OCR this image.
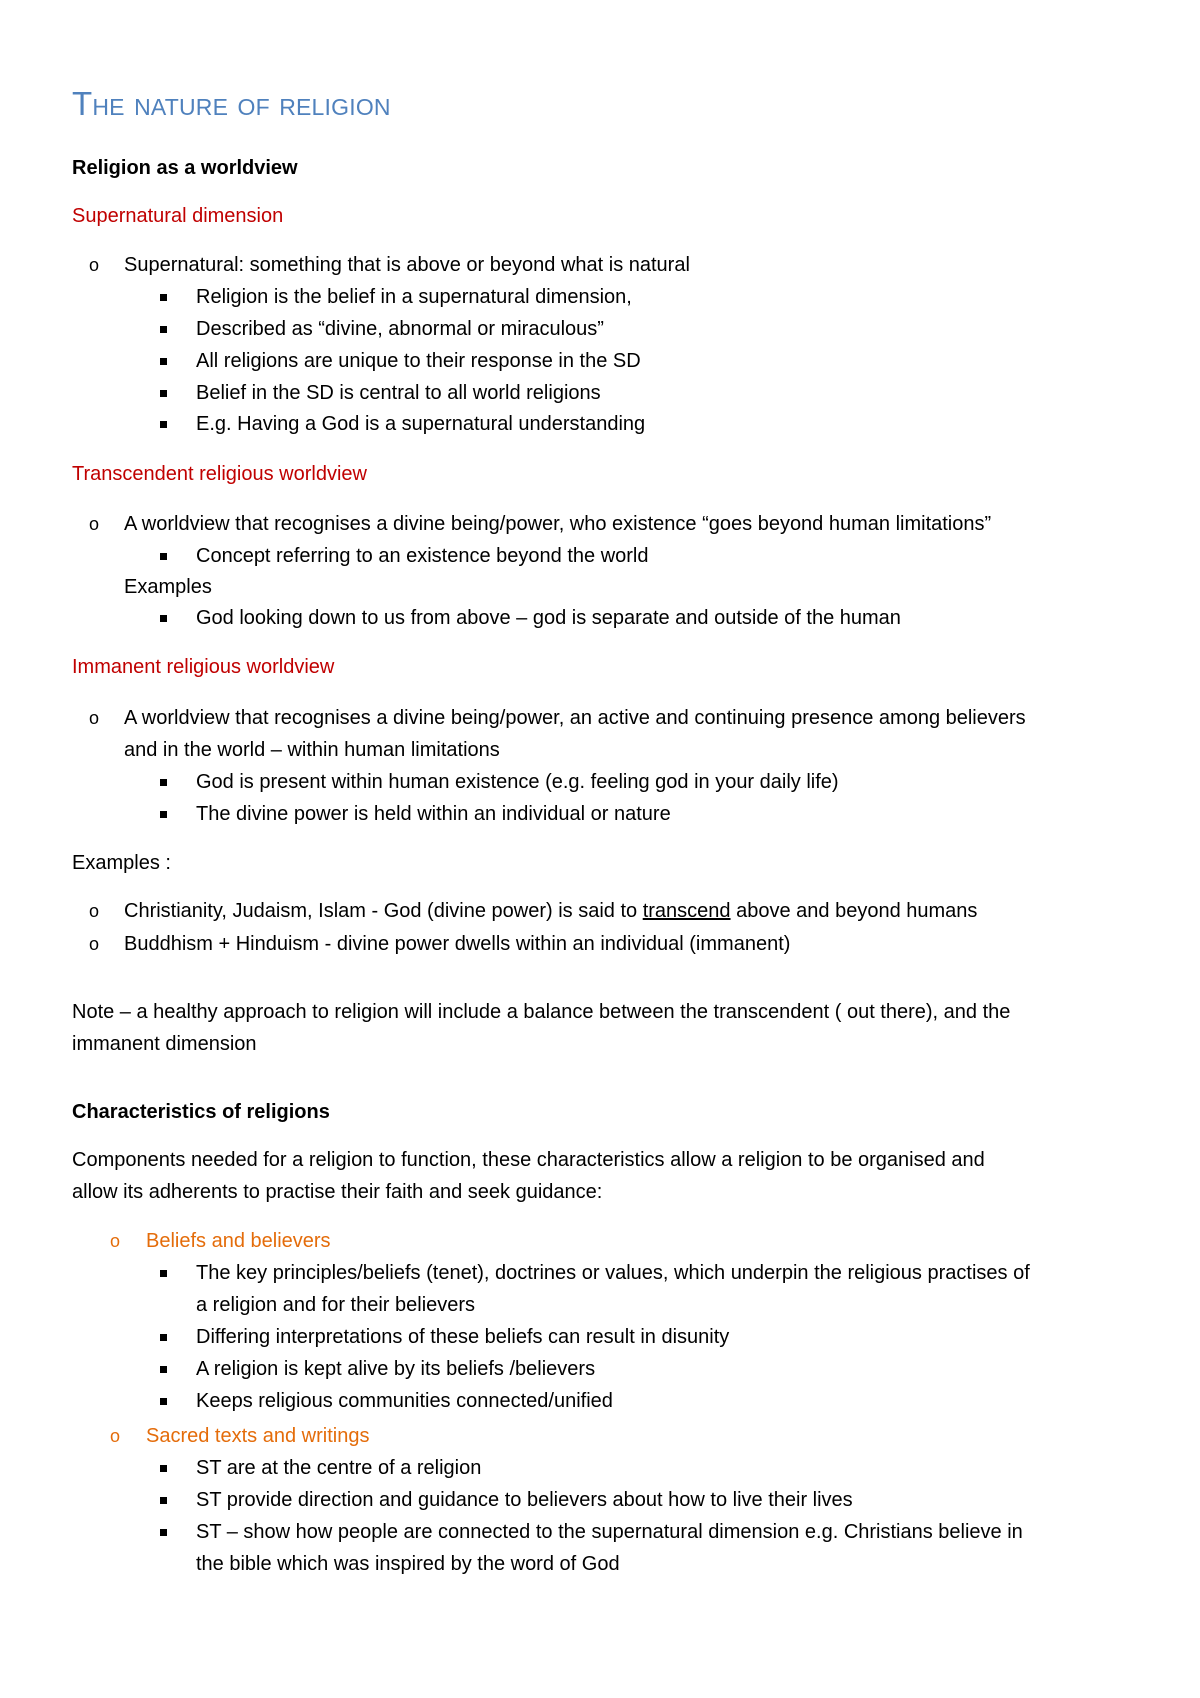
The nature of religion
Religion as a worldview
Supernatural dimension
o Supernatural: something that is above or beyond what is natural
Religion is the belief in a supernatural dimension,
Described as “divine, abnormal or miraculous”
All religions are unique to their response in the SD
Belief in the SD is central to all world religions
E.g. Having a God is a supernatural understanding
Transcendent religious worldview
o A worldview that recognises a divine being/power, who existence “goes beyond human limitations”
Concept referring to an existence beyond the world
Examples
God looking down to us from above – god is separate and outside of the human
Immanent religious worldview
o A worldview that recognises a divine being/power, an active and continuing presence among believers
and in the world – within human limitations
God is present within human existence (e.g. feeling god in your daily life)
The divine power is held within an individual or nature
Examples :
o Christianity, Judaism, Islam - God (divine power) is said to transcend above and beyond humans
o Buddhism + Hinduism - divine power dwells within an individual (immanent)
Note – a healthy approach to religion will include a balance between the transcendent ( out there), and the
immanent dimension
Characteristics of religions
Components needed for a religion to function, these characteristics allow a religion to be organised and
allow its adherents to practise their faith and seek guidance:
o Beliefs and believers
The key principles/beliefs (tenet), doctrines or values, which underpin the religious practises of
a religion and for their believers
Differing interpretations of these beliefs can result in disunity
A religion is kept alive by its beliefs /believers
Keeps religious communities connected/unified
o Sacred texts and writings
ST are at the centre of a religion
ST provide direction and guidance to believers about how to live their lives
ST – show how people are connected to the supernatural dimension e.g. Christians believe in
the bible which was inspired by the word of God
